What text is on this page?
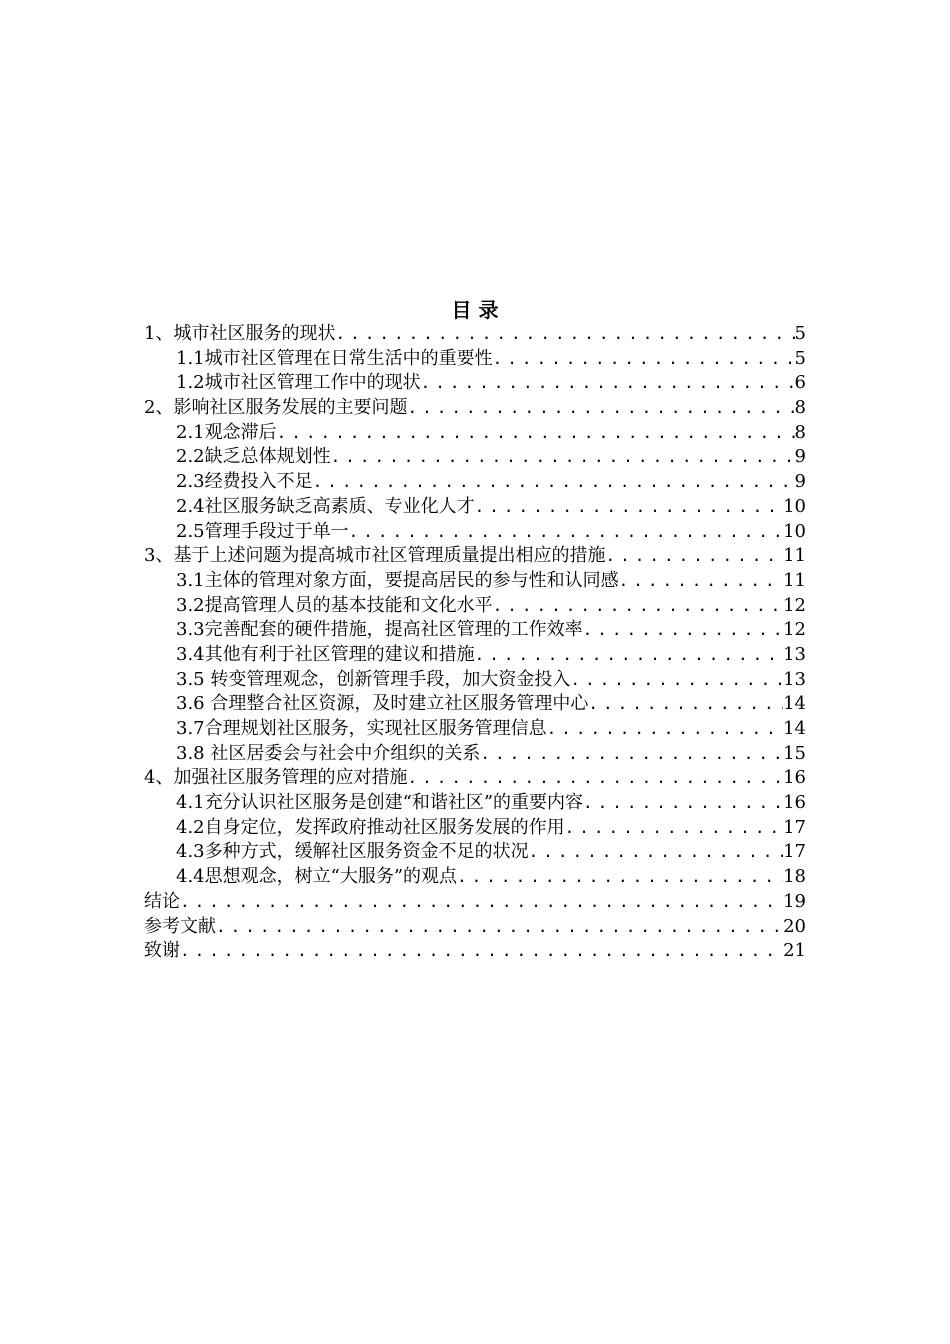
目 录
1、城市社区服务的现状 .....	5
1.1城市社区管理在日常生活中的重要性 .....	5
1.2城市社区管理工作中的现状 .....	6
2、影响社区服务发展的主要问题 .....	8
2.1观念滞后 .....	8
2.2缺乏总体规划性 .....	9
2.3经费投入不足 .....	9
2.4社区服务缺乏高素质、专业化人才 .....	10
2.5管理手段过于单一 .....	10
3、基于上述问题为提高城市社区管理质量提出相应的措施 .....	11
3.1主体的管理对象方面，要提高居民的参与性和认同感 .....	11
3.2提高管理人员的基本技能和文化水平 .....	12
3.3完善配套的硬件措施，提高社区管理的工作效率 .....	12
3.4其他有利于社区管理的建议和措施 .....	13
3.5 转变管理观念，创新管理手段，加大资金投入 .....	13
3.6 合理整合社区资源，及时建立社区服务管理中心 .....	14
3.7合理规划社区服务，实现社区服务管理信息 .....	14
3.8 社区居委会与社会中介组织的关系 .....	15
4、加强社区服务管理的应对措施 .....	16
4.1充分认识社区服务是创建“和谐社区”的重要内容 .....	16
4.2自身定位，发挥政府推动社区服务发展的作用 .....	17
4.3多种方式，缓解社区服务资金不足的状况 .....	17
4.4思想观念，树立“大服务”的观点 .....	18
结论 .....	19
参考文献 .....	20
致谢 .....	21
